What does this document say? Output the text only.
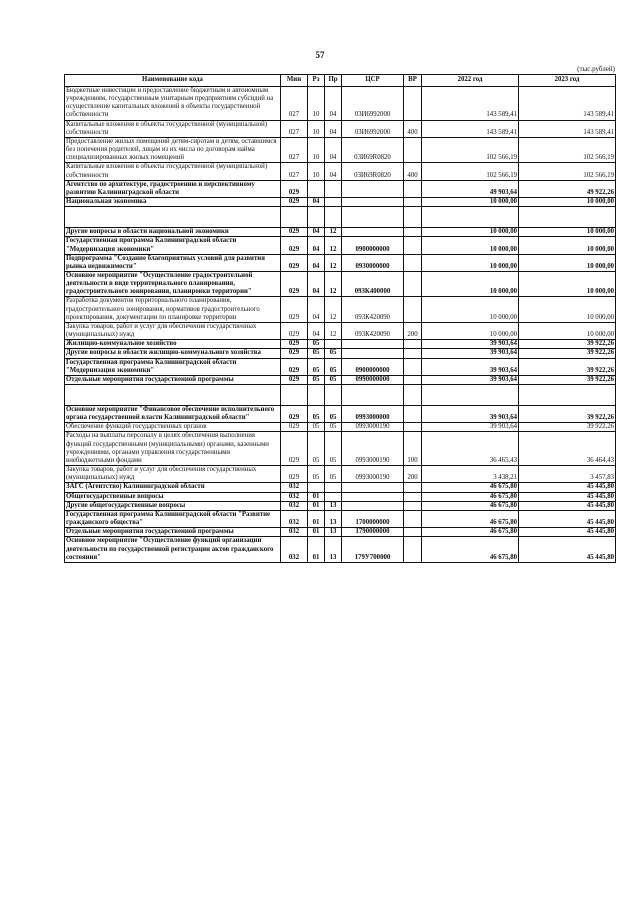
57
(тыс.рублей)
Наименование кода	Мин	Рз	Пр	ЦСР	ВР	2022 год	2023 год
Бюджетные инвестиции и предоставление бюджетным и автономным учреждениям, государственным унитарным предприятиям субсидий на осуществление капитальных вложений в объекты государственной собственности	027	10	04	03И6992000		143 589,41	143 589,41
Капитальные вложения в объекты государственной (муниципальной) собственности	027	10	04	03И6992000	400	143 589,41	143 589,41
Предоставление жилых помещений детям-сиротам и детям, оставшимся без попечения родителей, лицам из их числа по договорам найма специализированных жилых помещений	027	10	04	03И69R0820		102 566,19	102 566,19
Капитальные вложения в объекты государственной (муниципальной) собственности	027	10	04	03И69R0820	400	102 566,19	102 566,19
Агентство по архитектуре, градостроению и перспективному развитию Калининградской области	029					49 903,64	49 922,26
Национальная экономика	029	04				10 000,00	10 000,00

Другие вопросы в области национальной экономики	029	04	12			10 000,00	10 000,00
Государственная программа Калининградской области "Модернизация экономики"	029	04	12	0900000000		10 000,00	10 000,00
Подпрограмма "Создание благоприятных условий для развития рынка недвижимости"	029	04	12	0930000000		10 000,00	10 000,00
Основное мероприятие "Осуществление градостроительной деятельности в виде территориального планирования, градостроительного зонирования, планировки территории"	029	04	12	093К400000		10 000,00	10 000,00
Разработка документов территориального планирования, градостроительного зонирования, нормативов градостроительного проектирования, документации по планировке территории	029	04	12	093К420090		10 000,00	10 000,00
Закупка товаров, работ и услуг для обеспечения государственных (муниципальных) нужд	029	04	12	093К420090	200	10 000,00	10 000,00
Жилищно-коммунальное хозяйство	029	05				39 903,64	39 922,26
Другие вопросы в области жилищно-коммунального хозяйства	029	05	05			39 903,64	39 922,26
Государственная программа Калининградской области "Модернизация экономики"	029	05	05	0900000000		39 903,64	39 922,26
Отдельные мероприятия государственной программы	029	05	05	0990000000		39 903,64	39 922,26

Основное мероприятие "Финансовое обеспечение исполнительного органа государственной власти Калининградской области"	029	05	05	0993000000		39 903,64	39 922,26
Обеспечение функций государственных органов	029	05	05	0993000190		39 903,64	39 922,26
Расходы на выплаты персоналу в целях обеспечения выполнения функций государственными (муниципальными) органами, казенными учреждениями, органами управления государственными внебюджетными фондами	029	05	05	0993000190	100	36 465,43	36 464,43
Закупка товаров, работ и услуг для обеспечения государственных (муниципальных) нужд	029	05	05	0993000190	200	3 438,21	3 457,83
ЗАГС (Агентство) Калининградской области	032					46 675,80	45 445,80
Общегосударственные вопросы	032	01				46 675,80	45 445,80
Другие общегосударственные вопросы	032	01	13			46 675,80	45 445,80
Государственная программа Калининградской области "Развитие гражданского общества"	032	01	13	1700000000		46 675,80	45 445,80
Отдельные мероприятия государственной программы	032	01	13	1790000000		46 675,80	45 445,80
Основное мероприятие "Осуществление функций организации деятельности по государственной регистрации актов гражданского состояния"	032	01	13	179У700000		46 675,80	45 445,80
